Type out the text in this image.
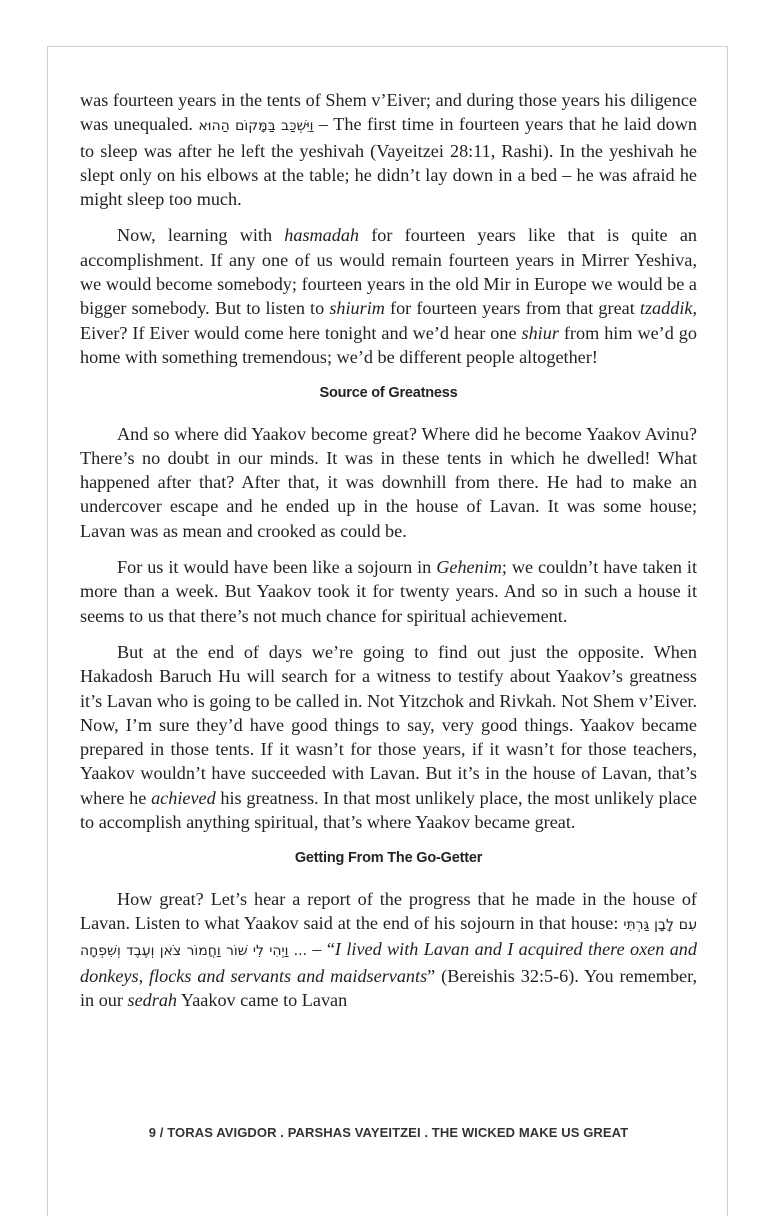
was fourteen years in the tents of Shem v’Eiver; and during those years his diligence was unequaled. וַיִּשְׁכַּב בַּמָּקוֹם הַהוּא – The first time in fourteen years that he laid down to sleep was after he left the yeshivah (Vayeitzei 28:11, Rashi). In the yeshivah he slept only on his elbows at the table; he didn’t lay down in a bed – he was afraid he might sleep too much.

Now, learning with hasmadah for fourteen years like that is quite an accomplishment. If any one of us would remain fourteen years in Mirrer Yeshiva, we would become somebody; fourteen years in the old Mir in Europe we would be a bigger somebody. But to listen to shiurim for fourteen years from that great tzaddik, Eiver? If Eiver would come here tonight and we’d hear one shiur from him we’d go home with something tremendous; we’d be different people altogether!

Source of Greatness

And so where did Yaakov become great? Where did he become Yaakov Avinu? There’s no doubt in our minds. It was in these tents in which he dwelled! What happened after that? After that, it was downhill from there. He had to make an undercover escape and he ended up in the house of Lavan. It was some house; Lavan was as mean and crooked as could be.

For us it would have been like a sojourn in Gehenim; we couldn’t have taken it more than a week. But Yaakov took it for twenty years. And so in such a house it seems to us that there’s not much chance for spiritual achievement.

But at the end of days we’re going to find out just the opposite. When Hakadosh Baruch Hu will search for a witness to testify about Yaakov’s greatness it’s Lavan who is going to be called in. Not Yitzchok and Rivkah. Not Shem v’Eiver. Now, I’m sure they’d have good things to say, very good things. Yaakov became prepared in those tents. If it wasn’t for those years, if it wasn’t for those teachers, Yaakov wouldn’t have succeeded with Lavan. But it’s in the house of Lavan, that’s where he achieved his greatness. In that most unlikely place, the most unlikely place to accomplish anything spiritual, that’s where Yaakov became great.

Getting From The Go-Getter

How great? Let’s hear a report of the progress that he made in the house of Lavan. Listen to what Yaakov said at the end of his sojourn in that house: עִם לָבָן גַּרְתִּי ... וַיְהִי לִי שׁוֹר וַחֲמוֹר צֹאן וְעֶבֶד וְשִׁפְחָה – “I lived with Lavan and I acquired there oxen and donkeys, flocks and servants and maidservants” (Bereishis 32:5-6). You remember, in our sedrah Yaakov came to Lavan

9 / TORAS AVIGDOR . PARSHAS VAYEITZEI . THE WICKED MAKE US GREAT
